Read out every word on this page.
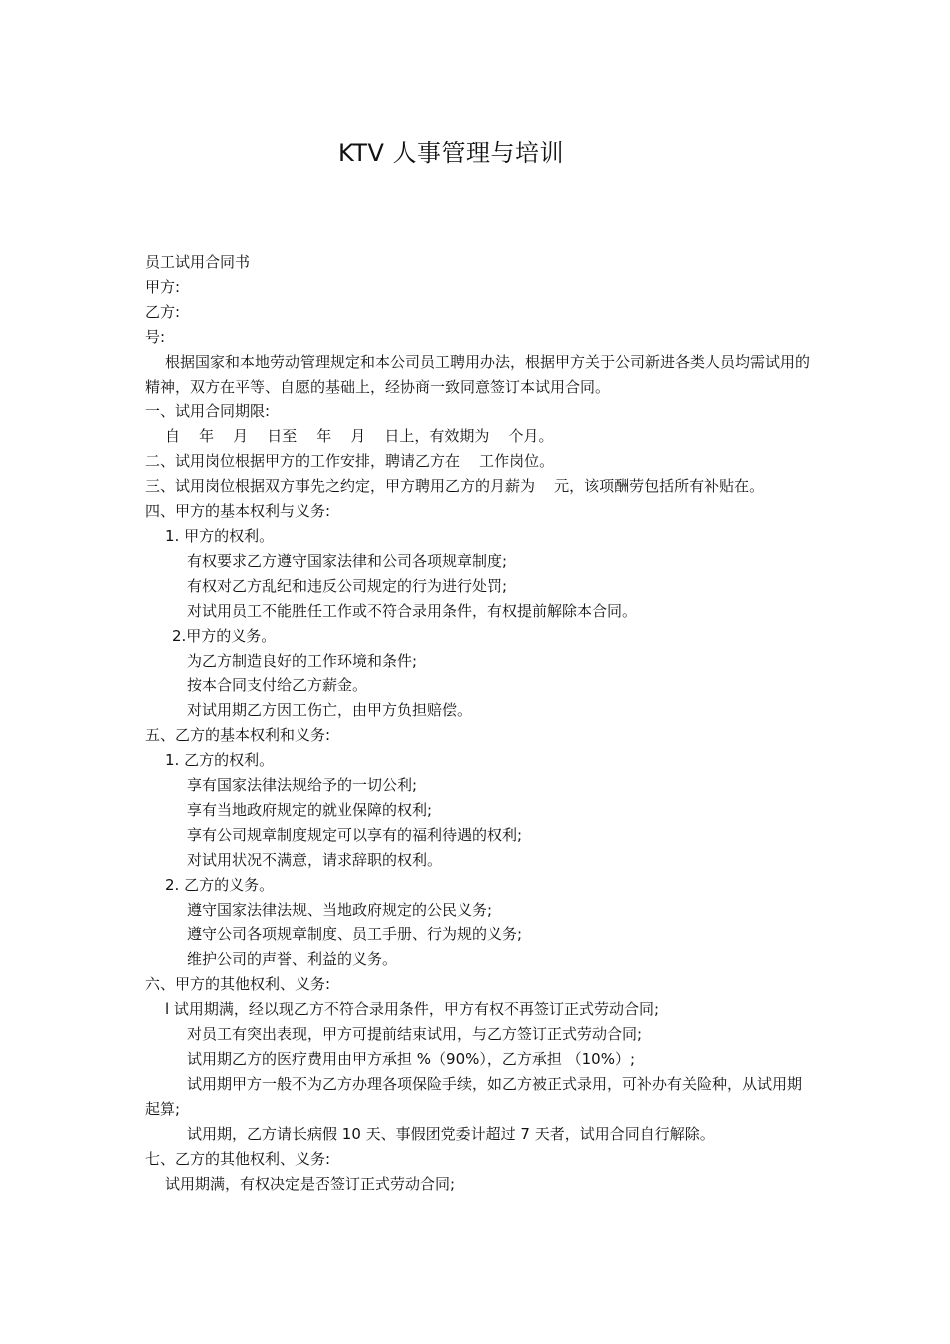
KTV 人事管理与培训
员工试用合同书
甲方:
乙方:
号:
根据国家和本地劳动管理规定和本公司员工聘用办法，根据甲方关于公司新进各类人员均需试用的精神，双方在平等、自愿的基础上，经协商一致同意签订本试用合同。
一、试用合同期限:
自    年    月    日至    年    月    日上，有效期为    个月。
二、试用岗位根据甲方的工作安排，聘请乙方在    工作岗位。
三、试用岗位根据双方事先之约定，甲方聘用乙方的月薪为    元，该项酬劳包括所有补贴在。
四、甲方的基本权利与义务:
1. 甲方的权利。
有权要求乙方遵守国家法律和公司各项规章制度;
有权对乙方乱纪和违反公司规定的行为进行处罚;
对试用员工不能胜任工作或不符合录用条件，有权提前解除本合同。
2.甲方的义务。
为乙方制造良好的工作环境和条件;
按本合同支付给乙方薪金。
对试用期乙方因工伤亡，由甲方负担赔偿。
五、乙方的基本权利和义务:
1. 乙方的权利。
享有国家法律法规给予的一切公利;
享有当地政府规定的就业保障的权利;
享有公司规章制度规定可以享有的福利待遇的权利;
对试用状况不满意，请求辞职的权利。
2. 乙方的义务。
遵守国家法律法规、当地政府规定的公民义务;
遵守公司各项规章制度、员工手册、行为规的义务;
维护公司的声誉、利益的义务。
六、甲方的其他权利、义务:
l 试用期满，经以现乙方不符合录用条件，甲方有权不再签订正式劳动合同;
对员工有突出表现，甲方可提前结束试用，与乙方签订正式劳动合同;
试用期乙方的医疗费用由甲方承担 %（90%），乙方承担 （10%）;
试用期甲方一般不为乙方办理各项保险手续，如乙方被正式录用，可补办有关险种，从试用期起算;
试用期，乙方请长病假 10 天、事假团党委计超过 7 天者，试用合同自行解除。
七、乙方的其他权利、义务:
试用期满，有权决定是否签订正式劳动合同;
